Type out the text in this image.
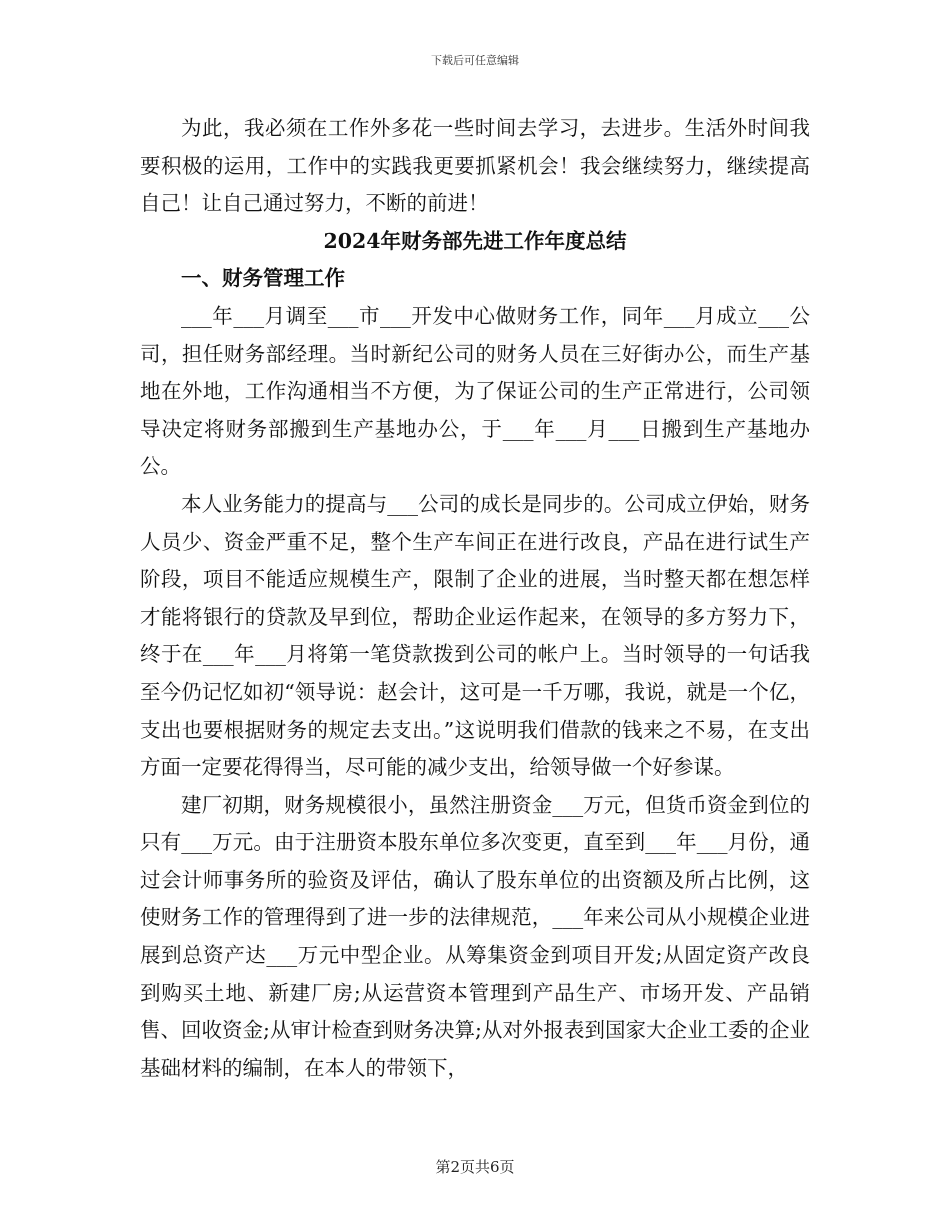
下载后可任意编辑

为此，我必须在工作外多花一些时间去学习，去进步。生活外时间我要积极的运用，工作中的实践我更要抓紧机会！我会继续努力，继续提高自己！让自己通过努力，不断的前进！

2024年财务部先进工作年度总结

一、财务管理工作

___年___月调至___市___开发中心做财务工作，同年___月成立___公司，担任财务部经理。当时新纪公司的财务人员在三好街办公，而生产基地在外地，工作沟通相当不方便，为了保证公司的生产正常进行，公司领导决定将财务部搬到生产基地办公，于___年___月___日搬到生产基地办公。

本人业务能力的提高与___公司的成长是同步的。公司成立伊始，财务人员少、资金严重不足，整个生产车间正在进行改良，产品在进行试生产阶段，项目不能适应规模生产，限制了企业的进展，当时整天都在想怎样才能将银行的贷款及早到位，帮助企业运作起来，在领导的多方努力下，终于在___年___月将第一笔贷款拨到公司的帐户上。当时领导的一句话我至今仍记忆如初“领导说：赵会计，这可是一千万哪，我说，就是一个亿，支出也要根据财务的规定去支出。”这说明我们借款的钱来之不易，在支出方面一定要花得得当，尽可能的减少支出，给领导做一个好参谋。

建厂初期，财务规模很小，虽然注册资金___万元，但货币资金到位的只有___万元。由于注册资本股东单位多次变更，直至到___年___月份，通过会计师事务所的验资及评估，确认了股东单位的出资额及所占比例，这使财务工作的管理得到了进一步的法律规范，___年来公司从小规模企业进展到总资产达___万元中型企业。从筹集资金到项目开发;从固定资产改良到购买土地、新建厂房;从运营资本管理到产品生产、市场开发、产品销售、回收资金;从审计检查到财务决算;从对外报表到国家大企业工委的企业基础材料的编制，在本人的带领下，

第2页共6页
